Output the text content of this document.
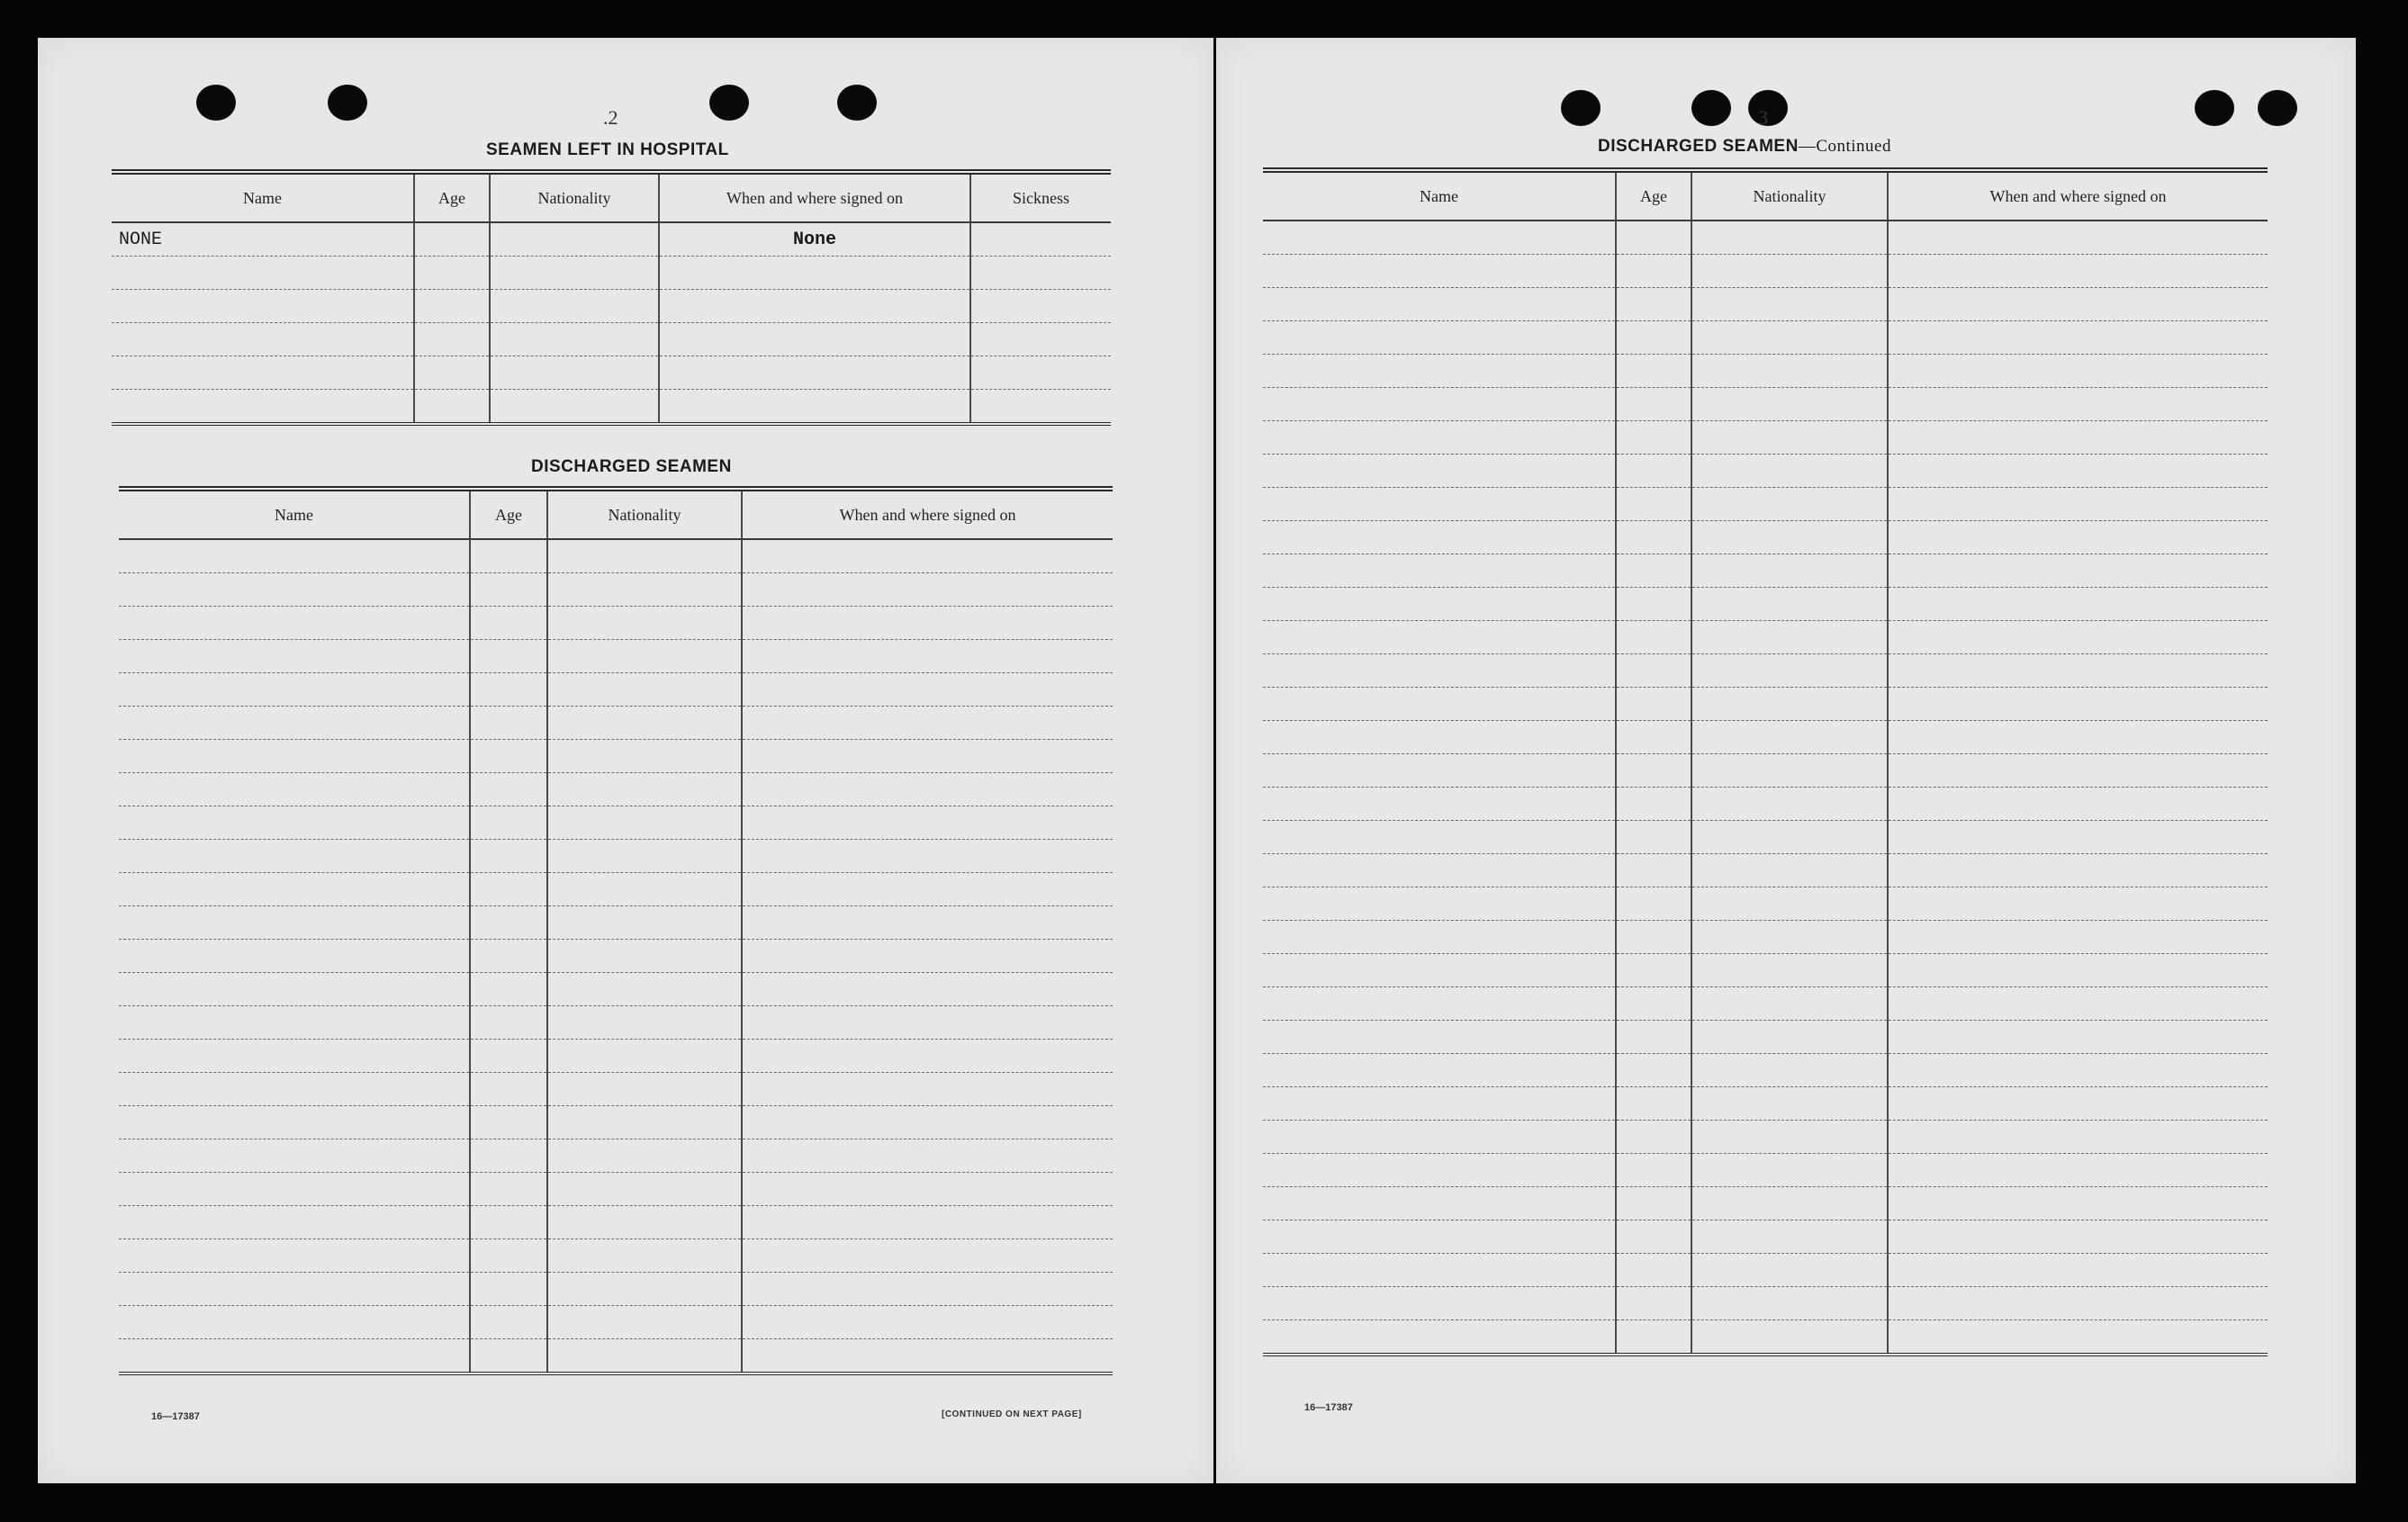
.2
SEAMEN LEFT IN HOSPITAL
Name	Age	Nationality	When and where signed on	Sickness
NONE			None	

DISCHARGED SEAMEN
Name	Age	Nationality	When and where signed on

16—17387	[CONTINUED ON NEXT PAGE]
3
DISCHARGED SEAMEN—Continued
Name	Age	Nationality	When and where signed on

16—17387
